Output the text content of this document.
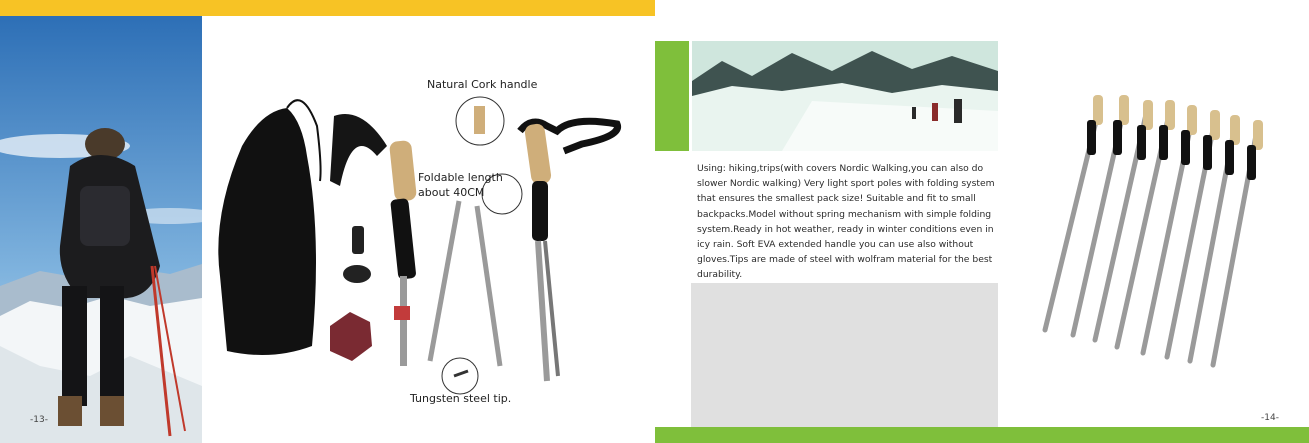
-13-
Natural Cork handle
Foldable length
about 40CM
Tungsten steel tip.
Using: hiking,trips(with covers Nordic Walking,you can also do slower Nordic walking) Very light sport poles with folding system that ensures the smallest pack size! Suitable and fit to small backpacks.Model without spring mechanism with simple folding system.Ready in hot weather, ready in winter conditions even in icy rain. Soft EVA extended handle you can use also without gloves.Tips are made of steel with wolfram material for the best durability.
-14-
